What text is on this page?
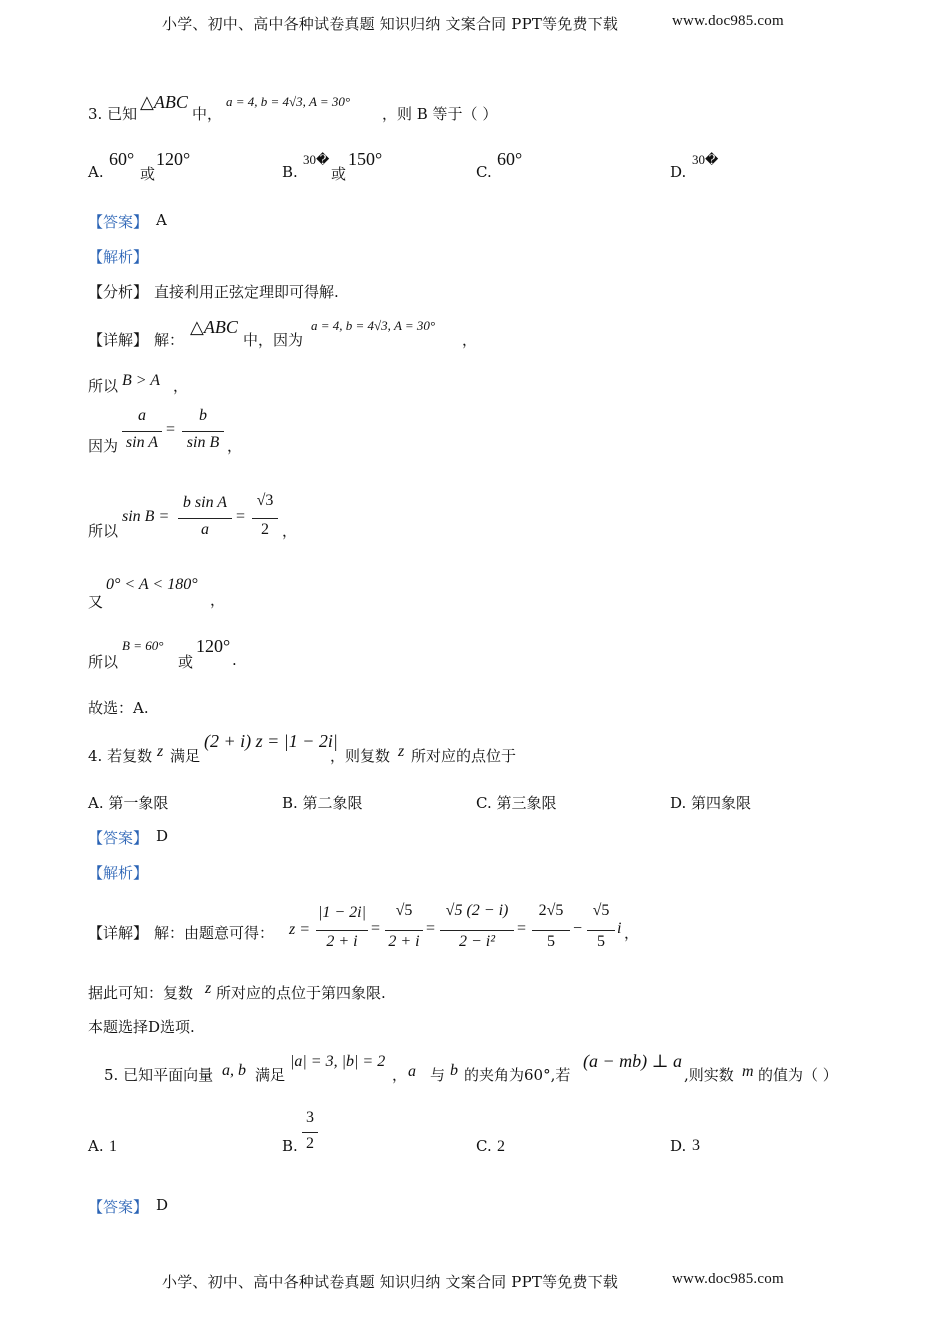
小学、初中、高中各种试卷真题 知识归纳 文案合同 PPT等免费下载	www.doc985.com
3. 已知
△ABC
中，
a = 4, b = 4√3, A = 30°
，则 B 等于（ ）
A.
60°
或
120°
B.
30�
或
150°
C.
60°
D.
30�
【答案】 A
【解析】
【分析】 直接利用正弦定理即可得解.
【详解】 解：
△ABC
中，因为
a = 4, b = 4√3, A = 30°
，
所以 B > A ，
因为
a
sin A
=
b
sin B ，
所以
sin B =
b sin A
a
=
√3
2 ，
又
0° < A < 180°
，
所以
B = 60°
或
120°
.
故选：A.
4. 若复数 z 满足
(2 + i) z = |1 − 2i|
，则复数 z 所对应的点位于
A. 第一象限	B. 第二象限	C. 第三象限	D. 第四象限
【答案】 D
【解析】
【详解】 解：由题意可得： z =
|1 − 2i|
2 + i
=
√5
2 + i
=
√5 (2 − i)
2 − i²
=
2√5
5
−
√5
5
i ，
据此可知：复数 z 所对应的点位于第四象限.
本题选择D选项.
5. 已知平面向量 a, b 满足
|a| = 3, |b| = 2
， a 与 b 的夹角为60°,若
(a − mb) ⊥ a
,则实数 m 的值为（ ）
A. 1	B.
3
2	C. 2	D. 3
【答案】 D
小学、初中、高中各种试卷真题 知识归纳 文案合同 PPT等免费下载	www.doc985.com
